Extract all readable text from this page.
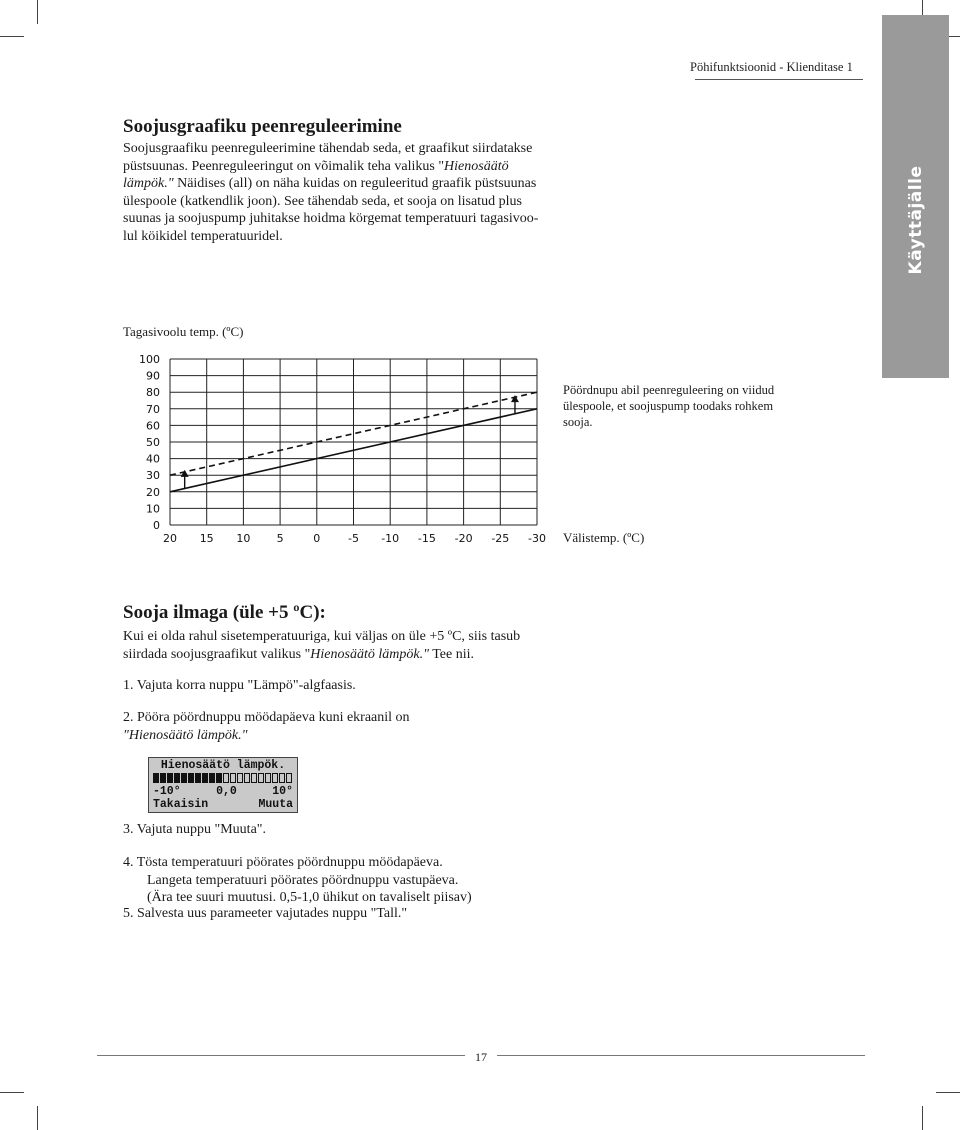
Pöhifunktsioonid - Klienditase 1
Käyttäjälle
Soojusgraafiku peenreguleerimine
Soojusgraafiku peenreguleerimine tähendab seda, et graafikut siirdatakse
püstsuunas. Peenreguleeringut on võimalik teha valikus "Hienosäätö
lämpök." Näidises (all) on näha kuidas on reguleeritud graafik püstsuunas
ülespoole (katkendlik joon). See tähendab seda, et sooja on lisatud plus
suunas ja soojuspump juhitakse hoidma körgemat temperatuuri tagasivoo-
lul köikidel temperatuuridel.
Tagasivoolu temp. (ºC)
0
10
20
30
40
50
60
70
80
90
100
20 15 10 5	0	-5 -10 -15 -20 -25 -30 Välistemp. (ºC)
Pöördnupu abil peenreguleering on viidud ülespoole, et soojuspump toodaks rohkem sooja.
Sooja ilmaga (üle +5 ºC):
Kui ei olda rahul sisetemperatuuriga, kui väljas on üle +5 ºC, siis tasub
siirdada soojusgraafikut valikus "Hienosäätö lämpök." Tee nii.
1. Vajuta korra nuppu "Lämpö"-algfaasis.
2. Pööra pöördnuppu möödapäeva kuni ekraanil on
"Hienosäätö lämpök."
Hienosäätö lämpök.
-10°	0,0	10°
Takaisin	Muuta
3. Vajuta nuppu "Muuta".
4. Tösta temperatuuri pöörates pöördnuppu möödapäeva.
Langeta temperatuuri pöörates pöördnuppu vastupäeva.
(Ära tee suuri muutusi. 0,5-1,0 ühikut on tavaliselt piisav)
5. Salvesta uus parameeter vajutades nuppu "Tall."
17
